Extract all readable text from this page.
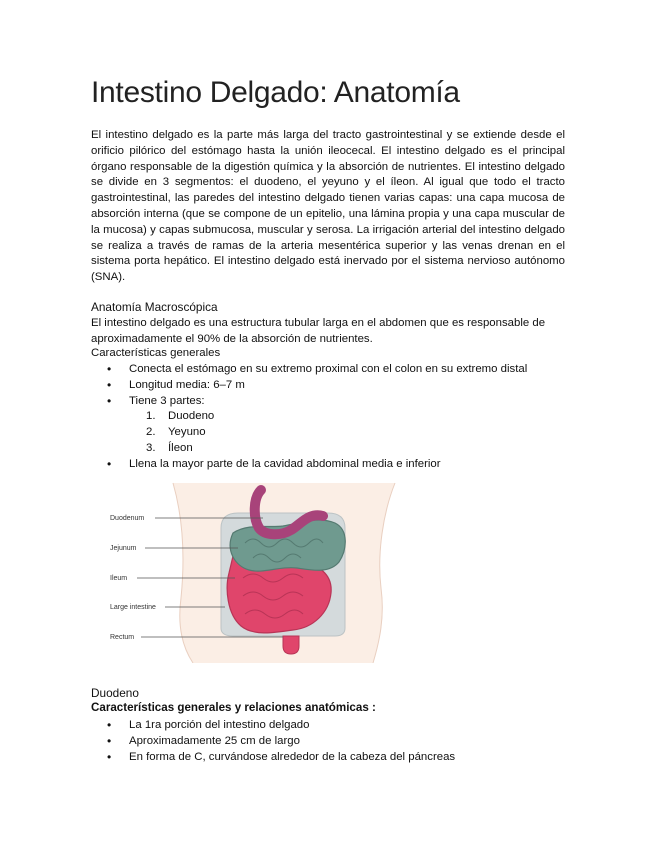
Intestino Delgado: Anatomía
El intestino delgado es la parte más larga del tracto gastrointestinal y se extiende desde el orificio pilórico del estómago hasta la unión ileocecal. El intestino delgado es el principal órgano responsable de la digestión química y la absorción de nutrientes. El intestino delgado se divide en 3 segmentos: el duodeno, el yeyuno y el íleon. Al igual que todo el tracto gastrointestinal, las paredes del intestino delgado tienen varias capas: una capa mucosa de absorción interna (que se compone de un epitelio, una lámina propia y una capa muscular de la mucosa) y capas submucosa, muscular y serosa. La irrigación arterial del intestino delgado se realiza a través de ramas de la arteria mesentérica superior y las venas drenan en el sistema porta hepático. El intestino delgado está inervado por el sistema nervioso autónomo (SNA).
Anatomía Macroscópica
El intestino delgado es una estructura tubular larga en el abdomen que es responsable de aproximadamente el 90% de la absorción de nutrientes.
Características generales
• Conecta el estómago en su extremo proximal con el colon en su extremo distal
• Longitud media: 6–7 m
• Tiene 3 partes:
1. Duodeno
2. Yeyuno
3. Íleon
• Llena la mayor parte de la cavidad abdominal media e inferior
Duodenum
Jejunum
Ileum
Large intestine
Rectum
Duodeno
Características generales y relaciones anatómicas :
• La 1ra porción del intestino delgado
• Aproximadamente 25 cm de largo
• En forma de C, curvándose alrededor de la cabeza del páncreas
